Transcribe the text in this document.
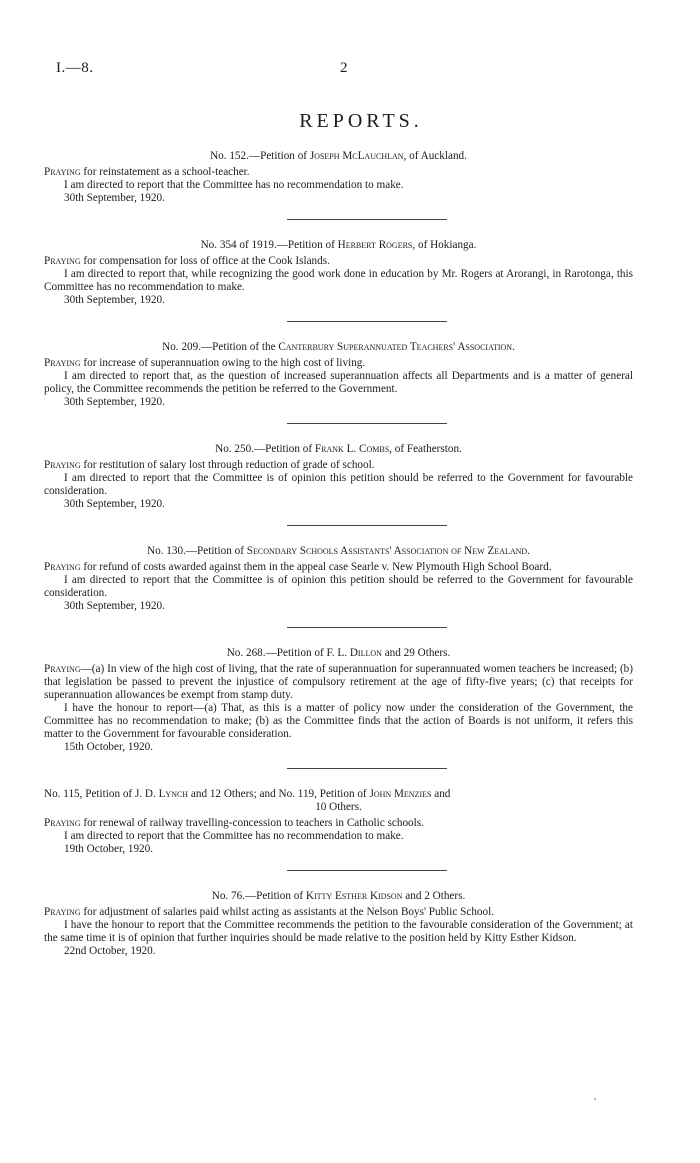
I.—8.	2
REPORTS.

No. 152.—Petition of Joseph McLauchlan, of Auckland.

Praying for reinstatement as a school-teacher.

I am directed to report that the Committee has no recommendation to make.

30th September, 1920.

No. 354 of 1919.—Petition of Herbert Rogers, of Hokianga.

Praying for compensation for loss of office at the Cook Islands.

I am directed to report that, while recognizing the good work done in education by Mr. Rogers at Arorangi, in Rarotonga, this Committee has no recommendation to make.

30th September, 1920.

No. 209.—Petition of the Canterbury Superannuated Teachers' Association.

Praying for increase of superannuation owing to the high cost of living.

I am directed to report that, as the question of increased superannuation affects all Departments and is a matter of general policy, the Committee recommends the petition be referred to the Government.

30th September, 1920.

No. 250.—Petition of Frank L. Combs, of Featherston.

Praying for restitution of salary lost through reduction of grade of school.

I am directed to report that the Committee is of opinion this petition should be referred to the Government for favourable consideration.

30th September, 1920.

No. 130.—Petition of Secondary Schools Assistants' Association of New Zealand.

Praying for refund of costs awarded against them in the appeal case Searle v. New Plymouth High School Board.

I am directed to report that the Committee is of opinion this petition should be referred to the Government for favourable consideration.

30th September, 1920.

No. 268.—Petition of F. L. Dillon and 29 Others.

Praying—(a) In view of the high cost of living, that the rate of superannuation for superannuated women teachers be increased; (b) that legislation be passed to prevent the injustice of compulsory retirement at the age of fifty-five years; (c) that receipts for superannuation allowances be exempt from stamp duty.

I have the honour to report—(a) That, as this is a matter of policy now under the consideration of the Government, the Committee has no recommendation to make; (b) as the Committee finds that the action of Boards is not uniform, it refers this matter to the Government for favourable consideration.

15th October, 1920.

No. 115, Petition of J. D. Lynch and 12 Others; and No. 119, Petition of John Menzies and
10 Others.

Praying for renewal of railway travelling-concession to teachers in Catholic schools.

I am directed to report that the Committee has no recommendation to make.

19th October, 1920.

No. 76.—Petition of Kitty Esther Kidson and 2 Others.

Praying for adjustment of salaries paid whilst acting as assistants at the Nelson Boys' Public School.

I have the honour to report that the Committee recommends the petition to the favourable consideration of the Government; at the same time it is of opinion that further inquiries should be made relative to the position held by Kitty Esther Kidson.

22nd October, 1920.
